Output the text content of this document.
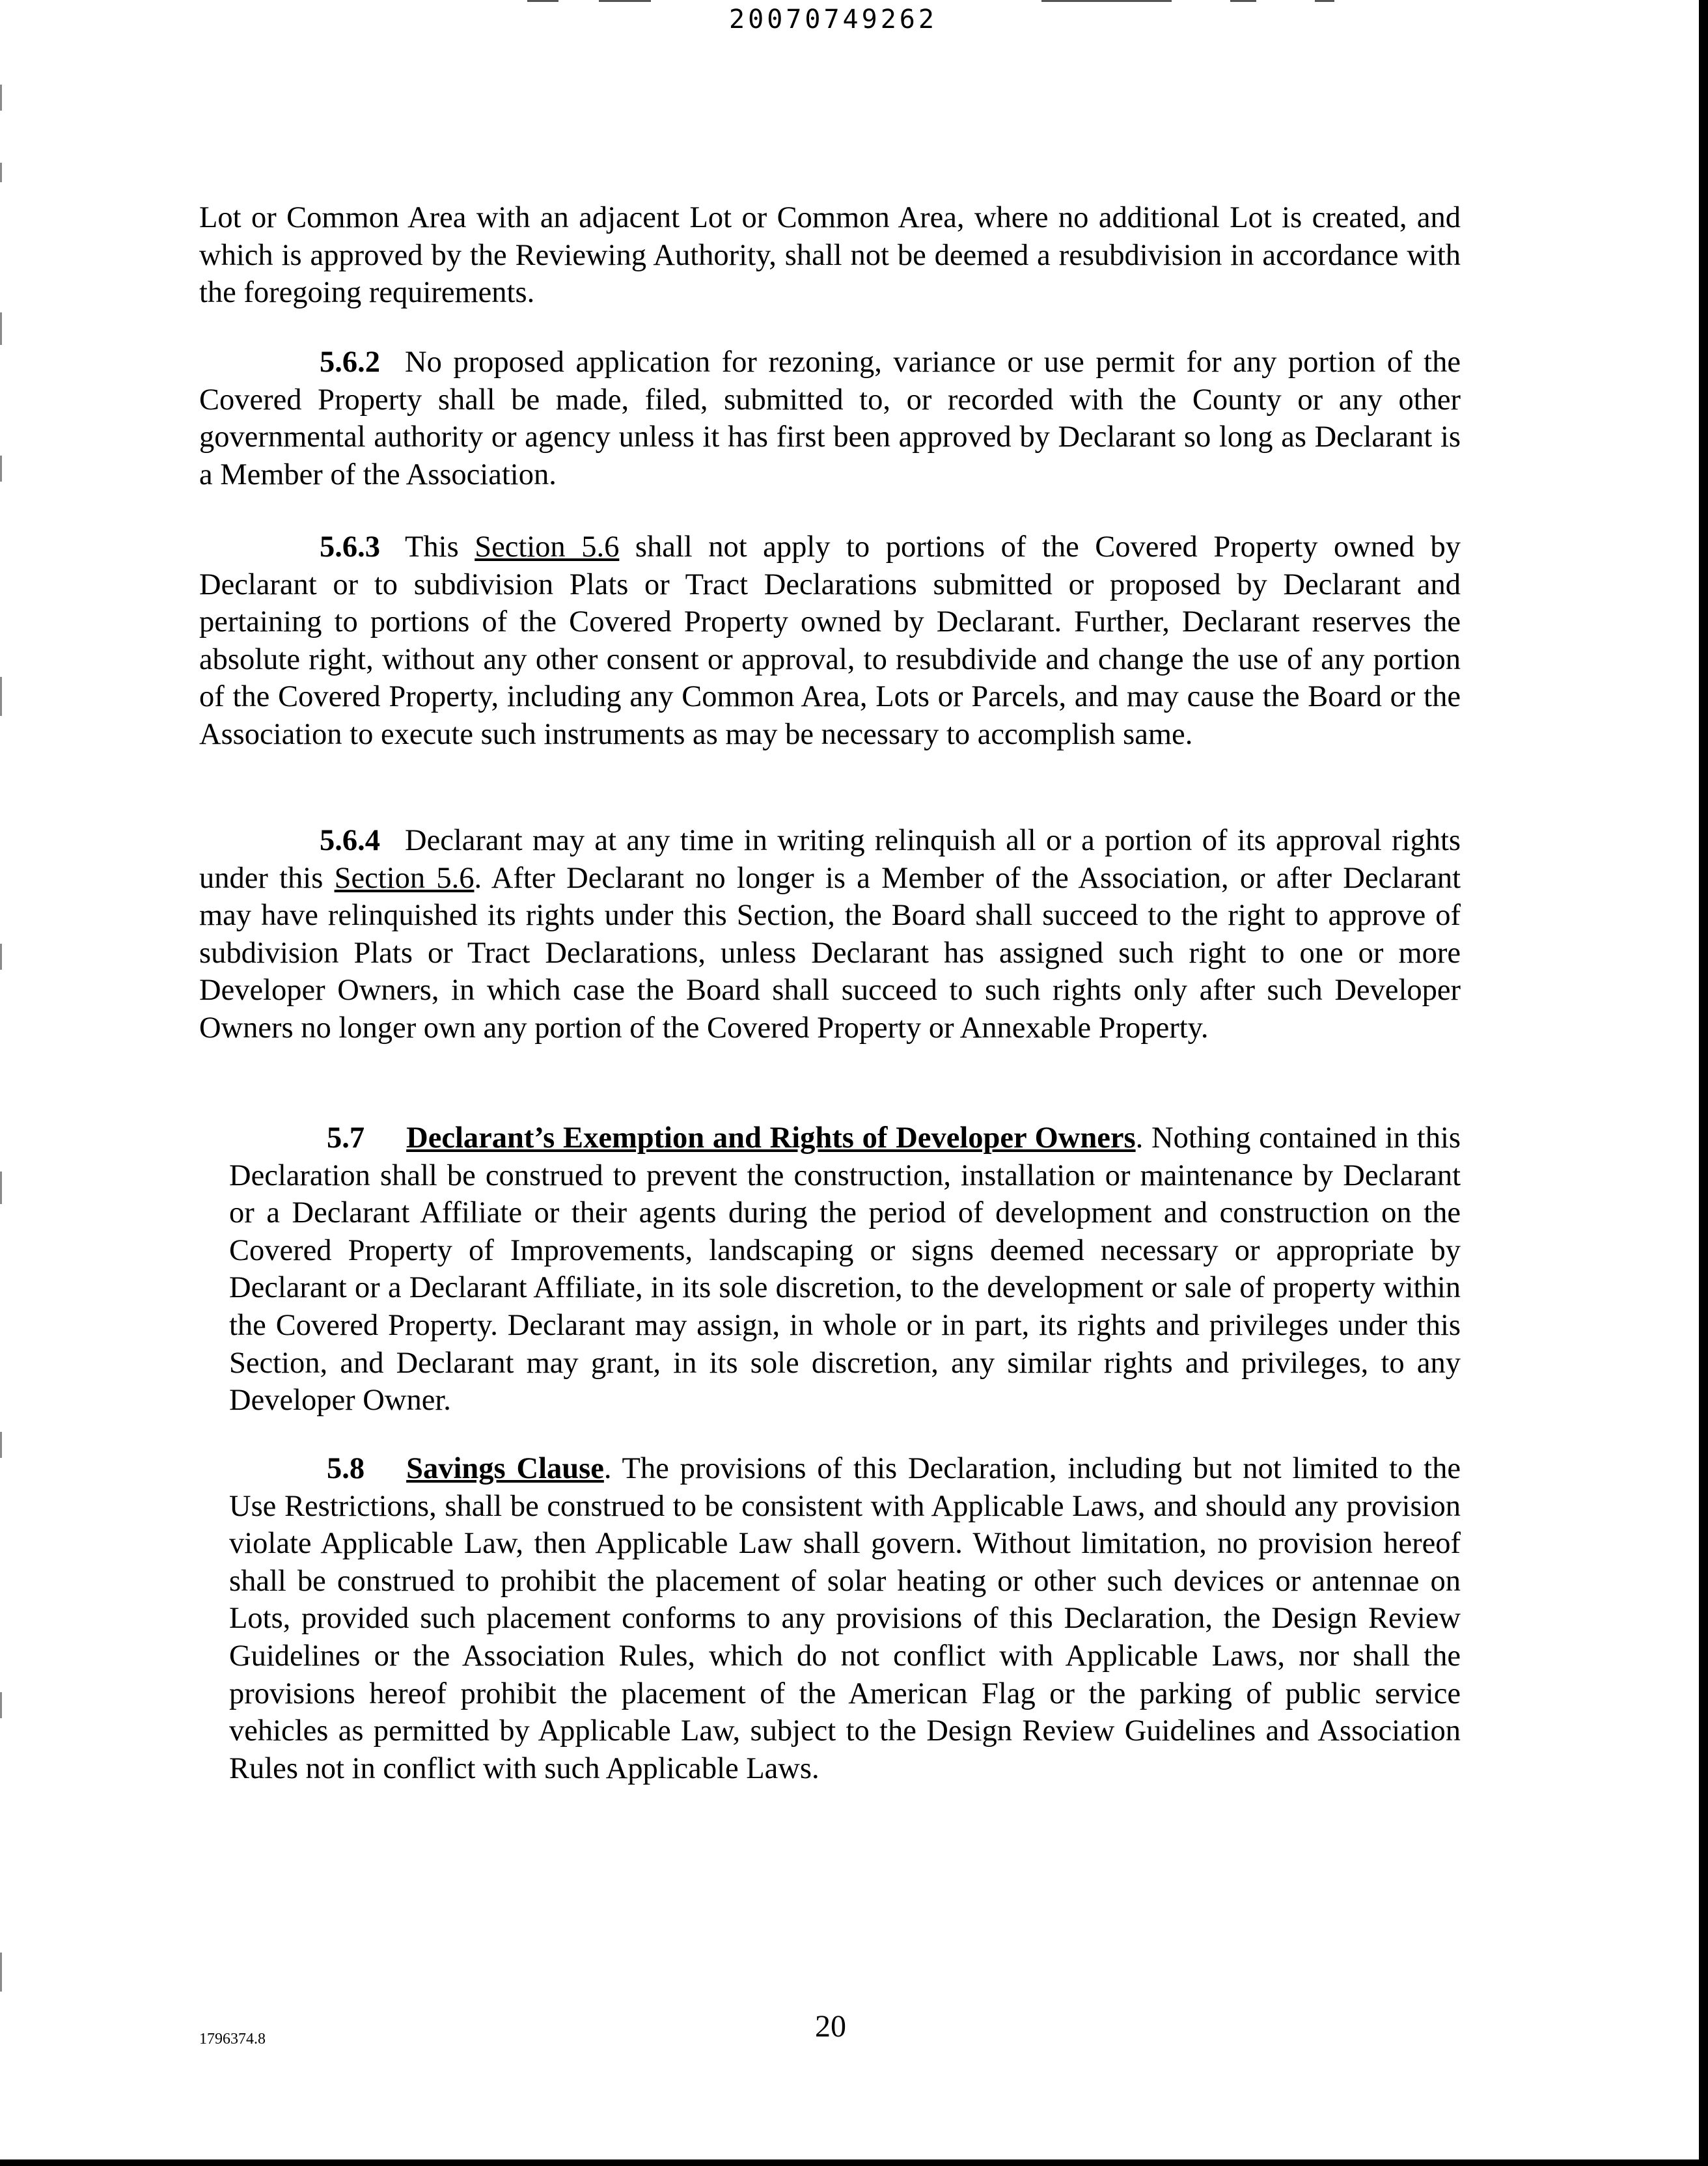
20070749262

Lot or Common Area with an adjacent Lot or Common Area, where no additional Lot is created, and which is approved by the Reviewing Authority, shall not be deemed a resubdivision in accordance with the foregoing requirements.

5.6.2 No proposed application for rezoning, variance or use permit for any portion of the Covered Property shall be made, filed, submitted to, or recorded with the County or any other governmental authority or agency unless it has first been approved by Declarant so long as Declarant is a Member of the Association.

5.6.3 This Section 5.6 shall not apply to portions of the Covered Property owned by Declarant or to subdivision Plats or Tract Declarations submitted or proposed by Declarant and pertaining to portions of the Covered Property owned by Declarant. Further, Declarant reserves the absolute right, without any other consent or approval, to resubdivide and change the use of any portion of the Covered Property, including any Common Area, Lots or Parcels, and may cause the Board or the Association to execute such instruments as may be necessary to accomplish same.

5.6.4 Declarant may at any time in writing relinquish all or a portion of its approval rights under this Section 5.6. After Declarant no longer is a Member of the Association, or after Declarant may have relinquished its rights under this Section, the Board shall succeed to the right to approve of subdivision Plats or Tract Declarations, unless Declarant has assigned such right to one or more Developer Owners, in which case the Board shall succeed to such rights only after such Developer Owners no longer own any portion of the Covered Property or Annexable Property.

5.7 Declarant’s Exemption and Rights of Developer Owners. Nothing contained in this Declaration shall be construed to prevent the construction, installation or maintenance by Declarant or a Declarant Affiliate or their agents during the period of development and construction on the Covered Property of Improvements, landscaping or signs deemed necessary or appropriate by Declarant or a Declarant Affiliate, in its sole discretion, to the development or sale of property within the Covered Property. Declarant may assign, in whole or in part, its rights and privileges under this Section, and Declarant may grant, in its sole discretion, any similar rights and privileges, to any Developer Owner.

5.8 Savings Clause. The provisions of this Declaration, including but not limited to the Use Restrictions, shall be construed to be consistent with Applicable Laws, and should any provision violate Applicable Law, then Applicable Law shall govern. Without limitation, no provision hereof shall be construed to prohibit the placement of solar heating or other such devices or antennae on Lots, provided such placement conforms to any provisions of this Declaration, the Design Review Guidelines or the Association Rules, which do not conflict with Applicable Laws, nor shall the provisions hereof prohibit the placement of the American Flag or the parking of public service vehicles as permitted by Applicable Law, subject to the Design Review Guidelines and Association Rules not in conflict with such Applicable Laws.

1796374.8	20
